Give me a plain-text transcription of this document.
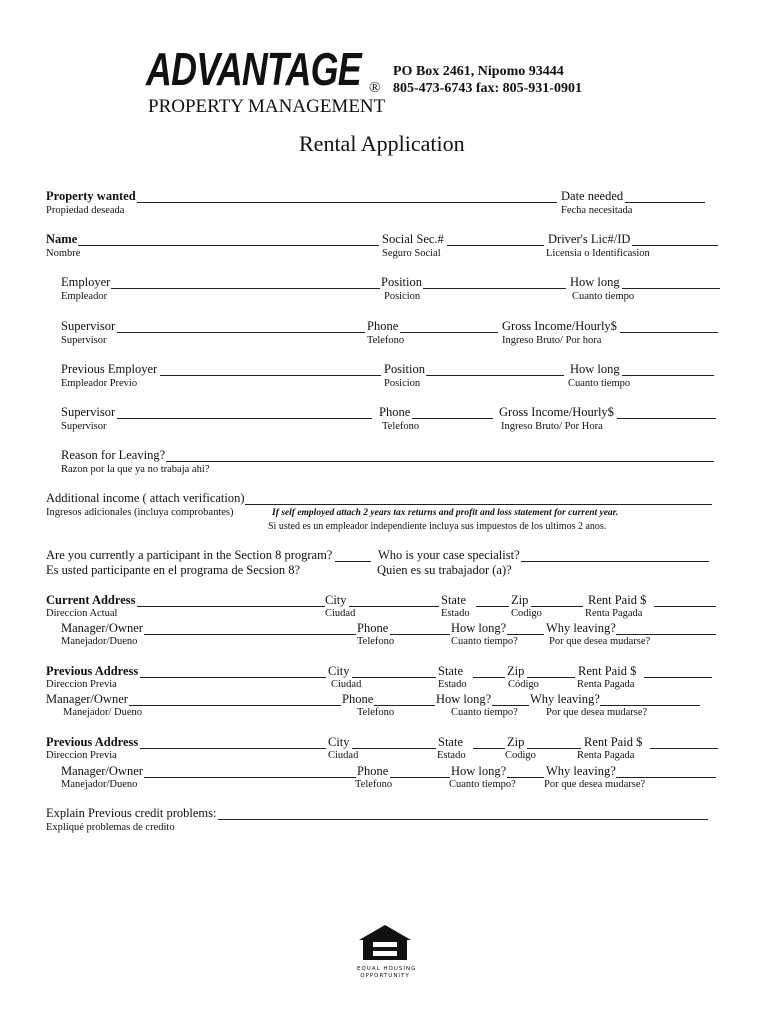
ADVANTAGE ®
PROPERTY MANAGEMENT
PO Box 2461, Nipomo 93444
805-473-6743 fax: 805-931-0901
Rental Application
Property wanted	Date needed
Propiedad deseada	Fecha necesitada
Name	Social Sec.#	Driver's Lic#/ID
Nombre	Seguro Social	Licensia o Identificasion
Employer	Position	How long
Empleador	Posicion	Cuanto tiempo
Supervisor	Phone	Gross Income/Hourly$
Supervisor	Telefono	Ingreso Bruto/ Por hora
Previous Employer	Position	How long
Empleador Previo	Posicion	Cuanto tiempo
Supervisor	Phone	Gross Income/Hourly$
Supervisor	Telefono	Ingreso Bruto/ Por Hora
Reason for Leaving?
Razon por la que ya no trabaja ahi?
Additional income ( attach verification)
Ingresos adicionales (incluya comprobantes)	If self employed attach 2 years tax returns and profit and loss statement for current year.
Si usted es un empleador independiente incluya sus impuestos de los ultimos 2 anos.
Are you currently a participant in the Section 8 program?	Who is your case specialist?
Es usted participante en el programa de Secsion 8?	Quien es su trabajador (a)?
Current Address	City	State	Zip	Rent Paid $
Direccion Actual	Ciudad	Estado	Codigo	Renta Pagada
Manager/Owner	Phone	How long?	Why leaving?
Manejador/Dueno	Telefono	Cuanto tiempo?	Por que desea mudarse?
Previous Address	City	State	Zip	Rent Paid $
Direccion Previa	Ciudad	Estado	Código	Renta Pagada
Manager/Owner	Phone	How long?	Why leaving?
Manejador/ Dueno	Telefono	Cuanto tiempo?	Por que desea mudarse?
Previous Address	City	State	Zip	Rent Paid $
Direccion Previa	Ciudad	Estado	Codigo	Renta Pagada
Manager/Owner	Phone	How long?	Why leaving?
Manejador/Dueno	Telefono	Cuanto tiempo?	Por que desea mudarse?
Explain Previous credit problems:
Expliqué problemas de credito
EQUAL HOUSING
OPPORTUNITY
